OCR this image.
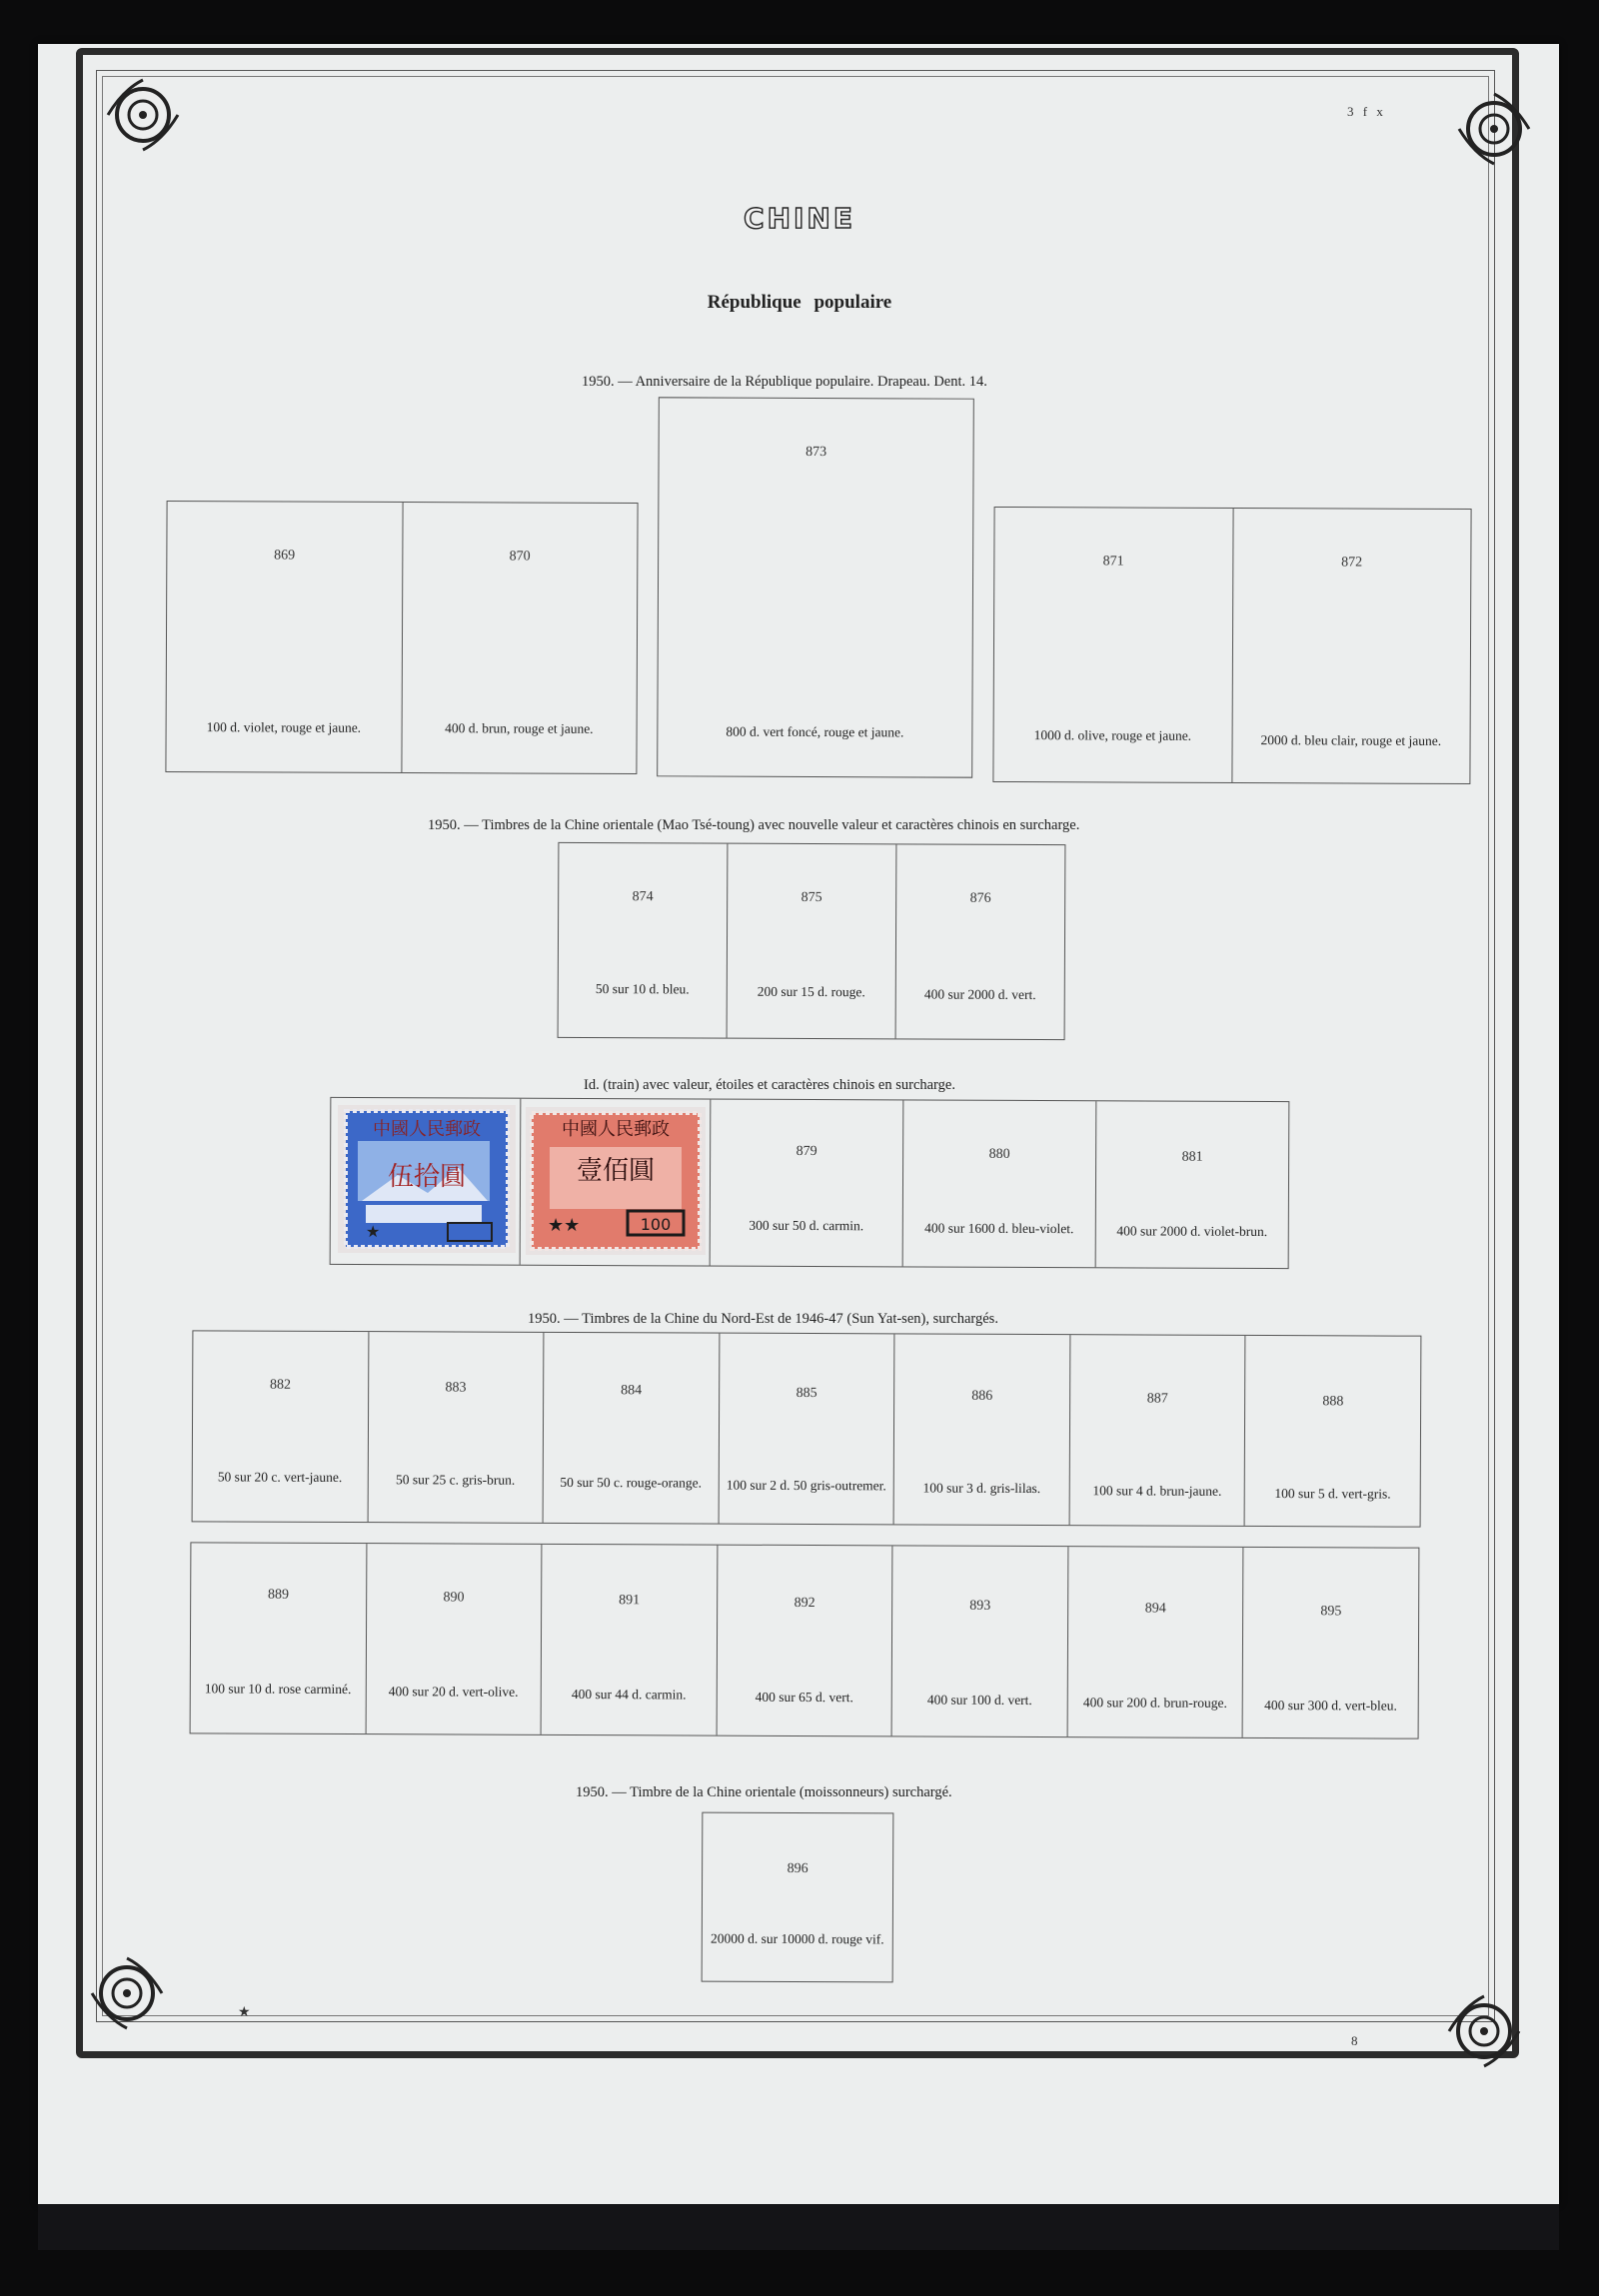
3 f x
8
★
CHINE
République populaire
1950. — Anniversaire de la République populaire. Drapeau. Dent. 14.
869
100 d. violet, rouge et jaune.
870
400 d. brun, rouge et jaune.
873
800 d. vert foncé, rouge et jaune.
871
1000 d. olive, rouge et jaune.
872
2000 d. bleu clair, rouge et jaune.
1950. — Timbres de la Chine orientale (Mao Tsé-toung) avec nouvelle valeur et caractères chinois en surcharge.
874
50 sur 10 d. bleu.
875
200 sur 15 d. rouge.
876
400 sur 2000 d. vert.
Id. (train) avec valeur, étoiles et caractères chinois en surcharge.
879
300 sur 50 d. carmin.
880
400 sur 1600 d. bleu-violet.
881
400 sur 2000 d. violet-brun.
中國人民郵政
伍拾圓
★
中國人民郵政
壹佰圓
★★	100
1950. — Timbres de la Chine du Nord-Est de 1946-47 (Sun Yat-sen), surchargés.
882
50 sur 20 c. vert-jaune.
883
50 sur 25 c. gris-brun.
884
50 sur 50 c. rouge-orange.
885
100 sur 2 d. 50 gris-outremer.
886
100 sur 3 d. gris-lilas.
887
100 sur 4 d. brun-jaune.
888
100 sur 5 d. vert-gris.
889
100 sur 10 d. rose carminé.
890
400 sur 20 d. vert-olive.
891
400 sur 44 d. carmin.
892
400 sur 65 d. vert.
893
400 sur 100 d. vert.
894
400 sur 200 d. brun-rouge.
895
400 sur 300 d. vert-bleu.
1950. — Timbre de la Chine orientale (moissonneurs) surchargé.
896
20000 d. sur 10000 d. rouge vif.
